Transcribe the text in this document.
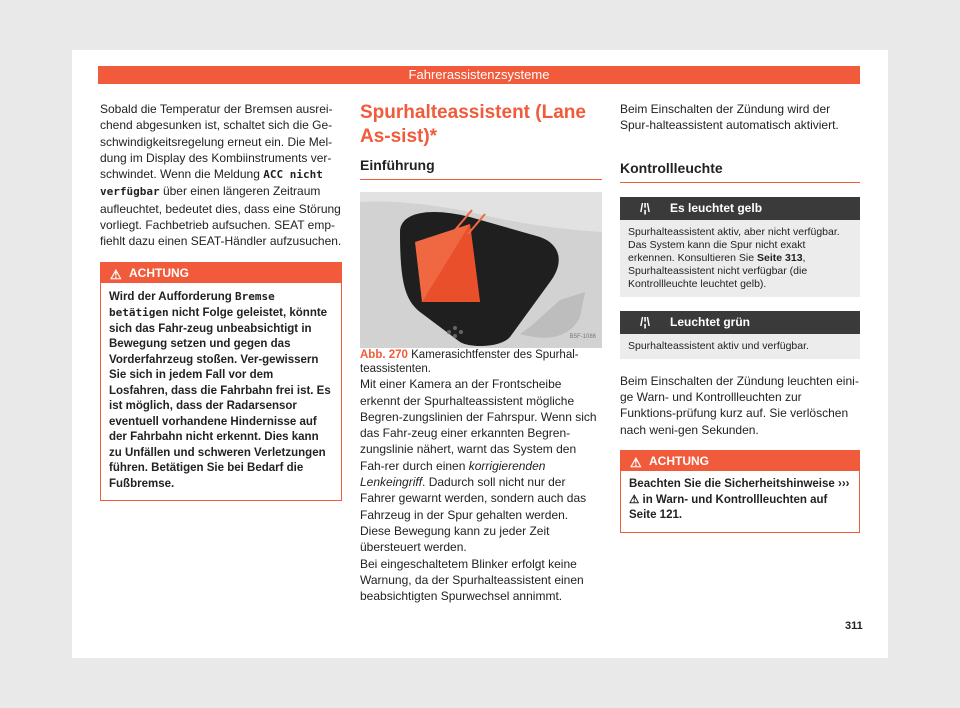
Fahrerassistenzsysteme

Sobald die Temperatur der Bremsen ausrei-chend abgesunken ist, schaltet sich die Ge-schwindigkeitsregelung erneut ein. Die Mel-dung im Display des Kombiinstruments ver-schwindet. Wenn die Meldung ACC nicht verfügbar über einen längeren Zeitraum aufleuchtet, bedeutet dies, dass eine Störung vorliegt. Fachbetrieb aufsuchen. SEAT emp-fiehlt dazu einen SEAT-Händler aufzusuchen.

⚠ ACHTUNG
Wird der Aufforderung Bremse betätigen nicht Folge geleistet, könnte sich das Fahr-zeug unbeabsichtigt in Bewegung setzen und gegen das Vorderfahrzeug stoßen. Ver-gewissern Sie sich in jedem Fall vor dem Losfahren, dass die Fahrbahn frei ist. Es ist möglich, dass der Radarsensor eventuell vorhandene Hindernisse auf der Fahrbahn nicht erkennt. Dies kann zu Unfällen und schweren Verletzungen führen. Betätigen Sie bei Bedarf die Fußbremse.
Spurhalteassistent (Lane As-sist)*
Einführung
B5F-1086

Abb. 270 Kamerasichtfenster des Spurhal-teassistenten.

Mit einer Kamera an der Frontscheibe erkennt der Spurhalteassistent mögliche Begren-zungslinien der Fahrspur. Wenn sich das Fahr-zeug einer erkannten Begren-zungslinie nähert, warnt das System den Fah-rer durch einen korrigierenden Lenkeingriff. Dadurch soll nicht nur der Fahrer gewarnt werden, sondern auch das Fahrzeug in der Spur gehalten werden. Diese Bewegung kann zu jeder Zeit übersteuert werden.

Bei eingeschaltetem Blinker erfolgt keine Warnung, da der Spurhalteassistent einen beabsichtigten Spurwechsel annimmt.

Beim Einschalten der Zündung wird der Spur-halteassistent automatisch aktiviert.

Kontrollleuchte
/¦\	Es leuchtet gelb
Spurhalteassistent aktiv, aber nicht verfügbar. Das System kann die Spur nicht exakt erkennen. Konsultieren Sie Seite 313, Spurhalteassistent nicht verfügbar (die Kontrollleuchte leuchtet gelb).
/¦\	Leuchtet grün
Spurhalteassistent aktiv und verfügbar.

Beim Einschalten der Zündung leuchten eini-ge Warn- und Kontrollleuchten zur Funktions-prüfung kurz auf. Sie verlöschen nach weni-gen Sekunden.

⚠ ACHTUNG
Beachten Sie die Sicherheitshinweise ››› ⚠ in Warn- und Kontrollleuchten auf Seite 121.
311
